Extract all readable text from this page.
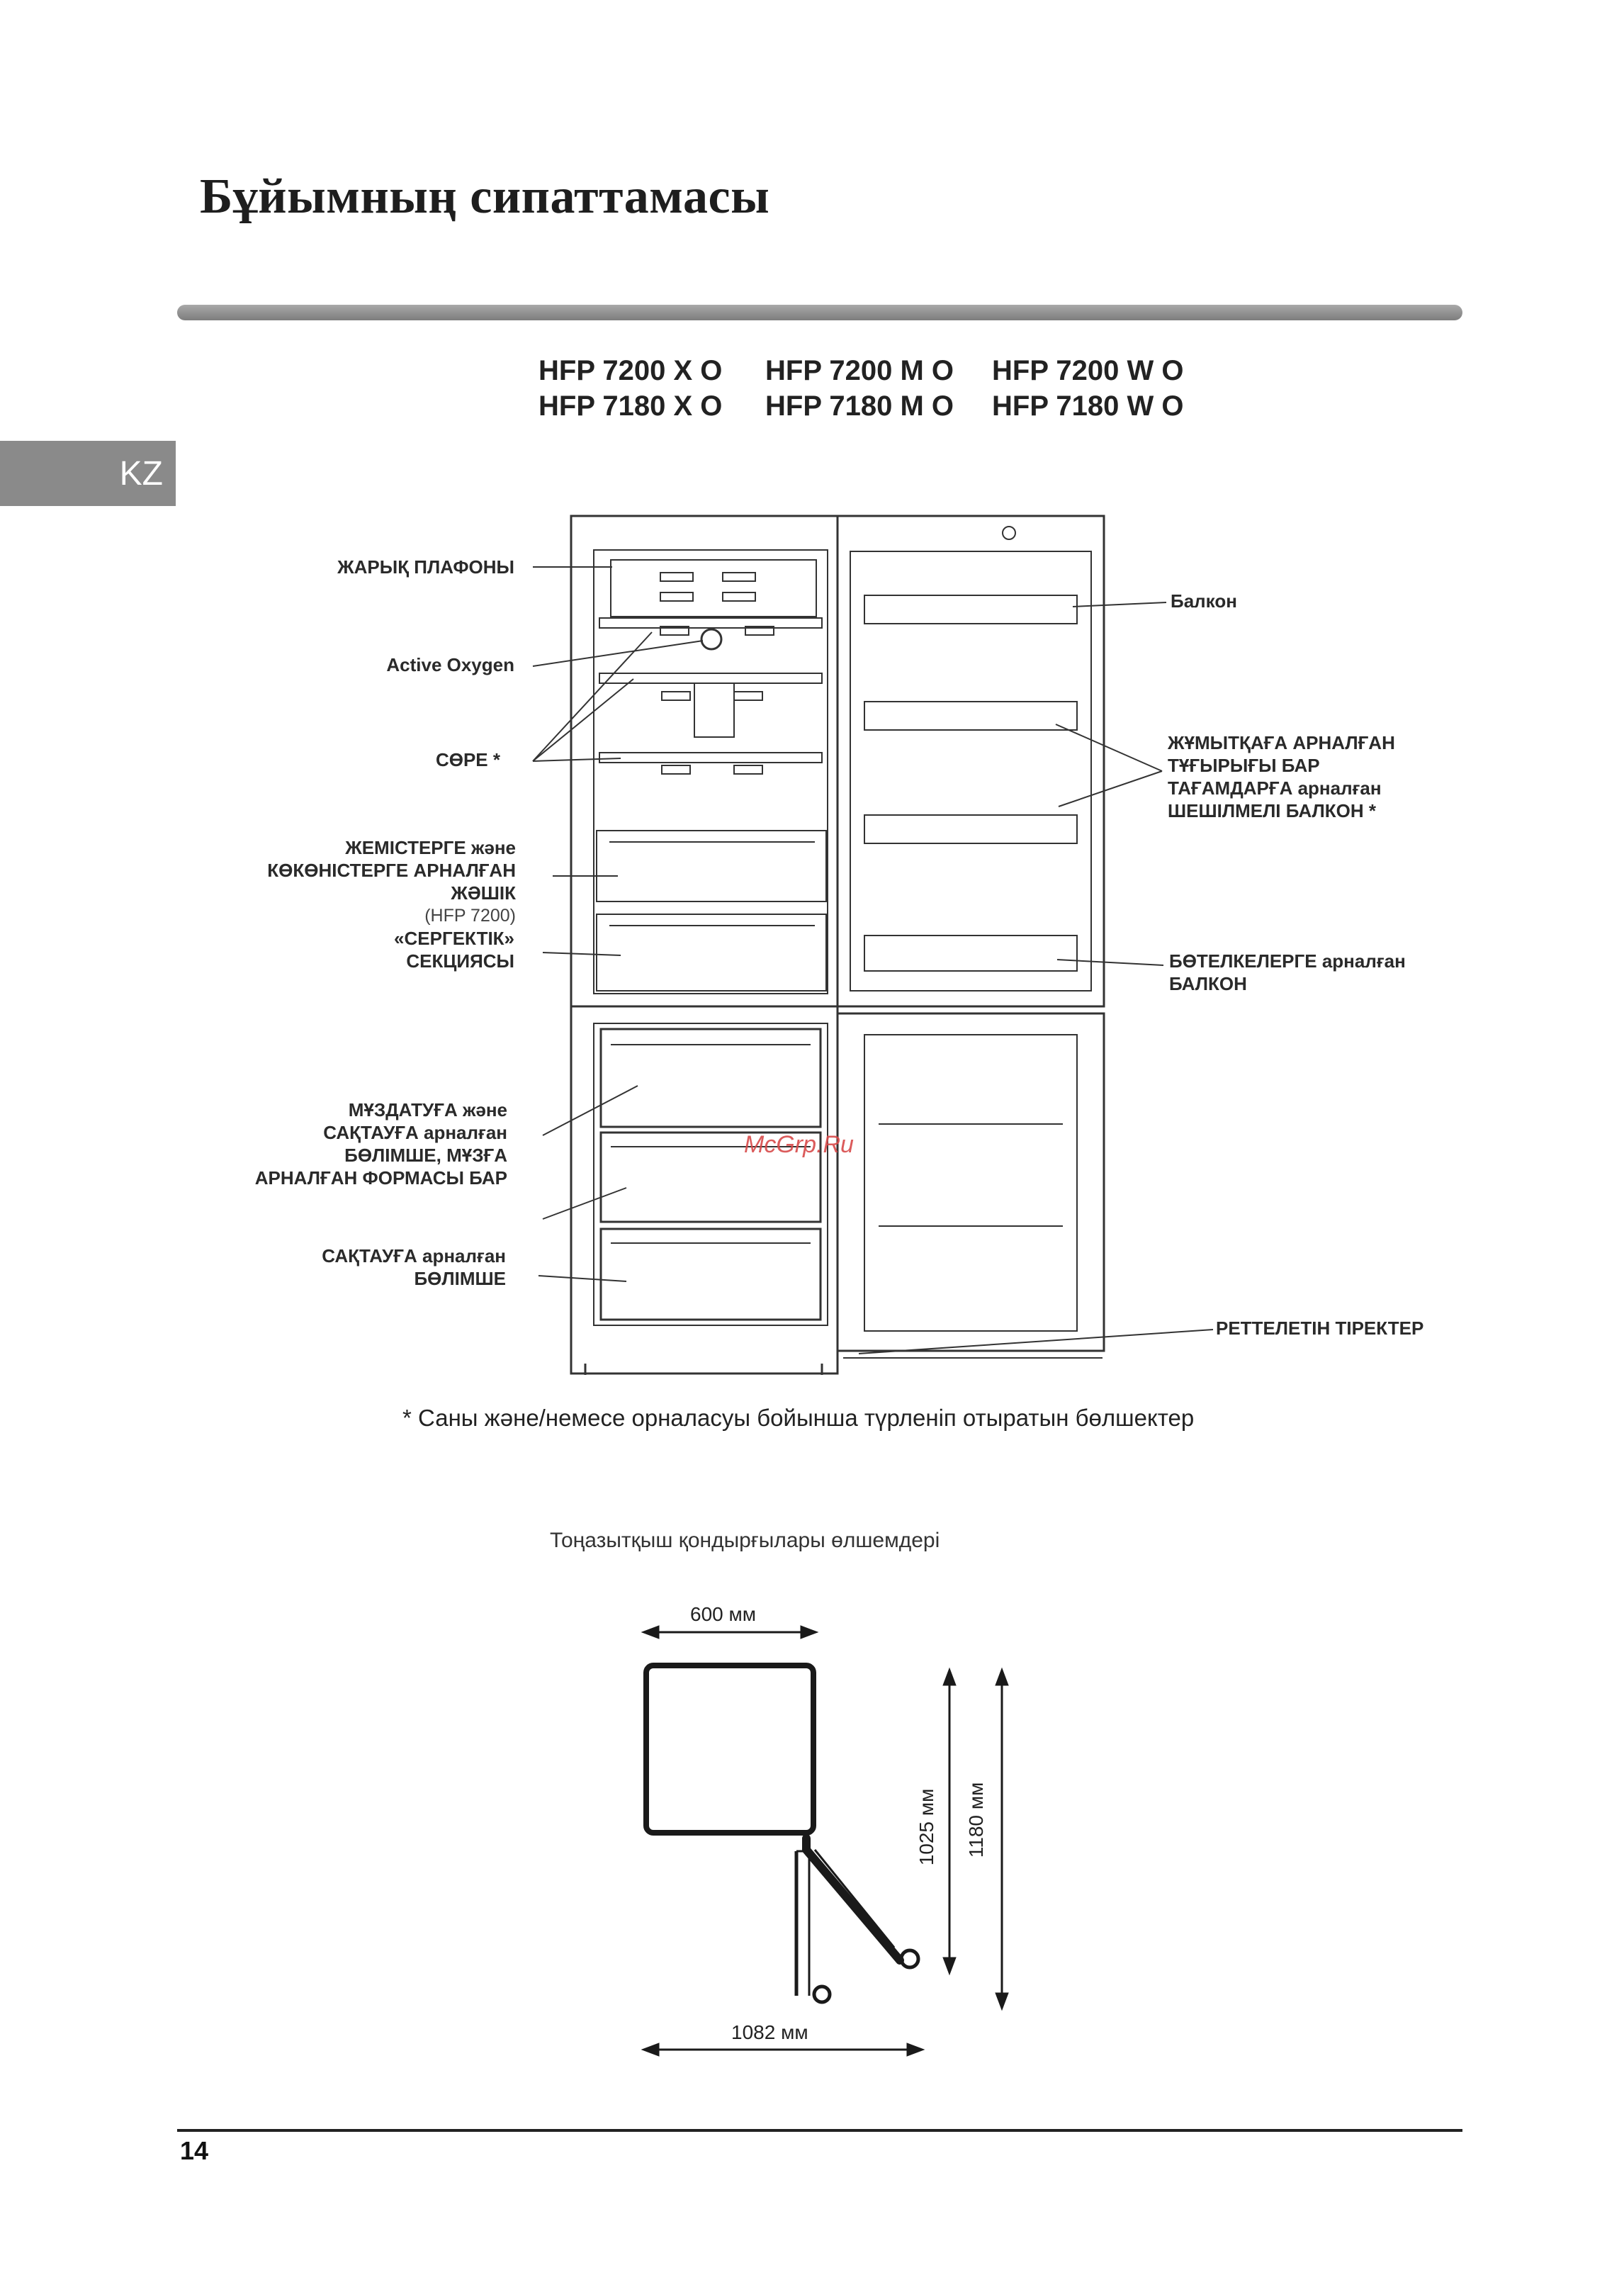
Бұйымның сипаттамасы
KZ
HFP 7200 X O	HFP 7200 M O	HFP 7200 W O
HFP 7180 X O	HFP 7180 M O	HFP 7180 W O
ЖАРЫҚ ПЛАФОНЫ
Active Oxygen
СӨРЕ *
ЖЕМІСТЕРГЕ және
КӨКӨНІСТЕРГЕ АРНАЛҒАН
ЖӘШІК
(HFP 7200)
«СЕРГЕКТІК»
СЕКЦИЯСЫ
МҰЗДАТУҒА және
САҚТАУҒА арналған
БӨЛІМШЕ, МҰЗҒА
АРНАЛҒАН ФОРМАСЫ БАР
САҚТАУҒА арналған
БӨЛІМШЕ
Балкон
ЖҰМЫТҚАҒА АРНАЛҒАН
ТҰҒЫРЫҒЫ БАР
ТАҒАМДАРҒА арналған
ШЕШІЛМЕЛІ БАЛКОН *
БӨТЕЛКЕЛЕРГЕ арналған
БАЛКОН
РЕТТЕЛЕТІН ТІРЕКТЕР
* Саны және/немесе орналасуы бойынша түрленіп отыратын бөлшектер
McGrp.Ru
Тоңазытқыш қондырғылары өлшемдері
600 мм
1082 мм
1025 мм 1180 мм
14
